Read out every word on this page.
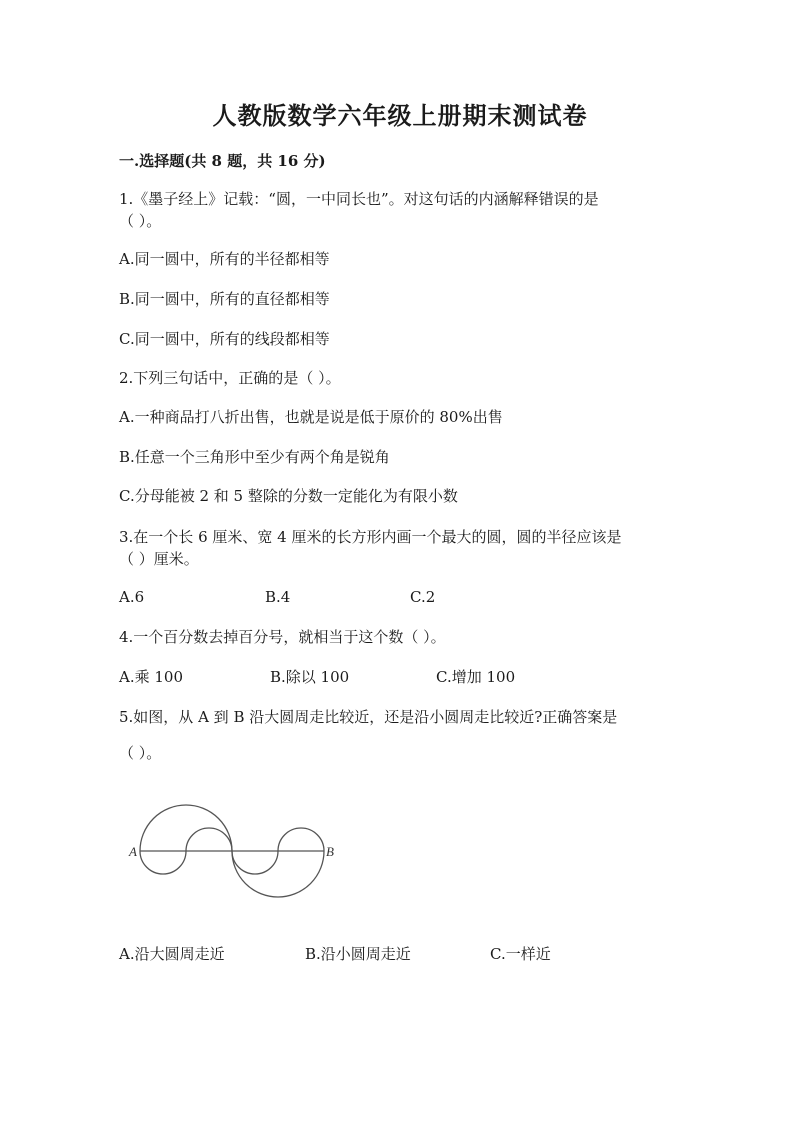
人教版数学六年级上册期末测试卷
一.选择题(共 8 题，共 16 分)
1.《墨子经上》记载：“圆，一中同长也”。对这句话的内涵解释错误的是
（ ）。
A.同一圆中，所有的半径都相等
B.同一圆中，所有的直径都相等
C.同一圆中，所有的线段都相等
2.下列三句话中，正确的是（ ）。
A.一种商品打八折出售，也就是说是低于原价的 80%出售
B.任意一个三角形中至少有两个角是锐角
C.分母能被 2 和 5 整除的分数一定能化为有限小数
3.在一个长 6 厘米、宽 4 厘米的长方形内画一个最大的圆，圆的半径应该是
（ ）厘米。
A.6	B.4	C.2
4.一个百分数去掉百分号，就相当于这个数（ ）。
A.乘 100	B.除以 100	C.增加 100
5.如图，从 A 到 B 沿大圆周走比较近，还是沿小圆周走比较近?正确答案是
（ ）。
A	B
A.沿大圆周走近	B.沿小圆周走近	C.一样近
